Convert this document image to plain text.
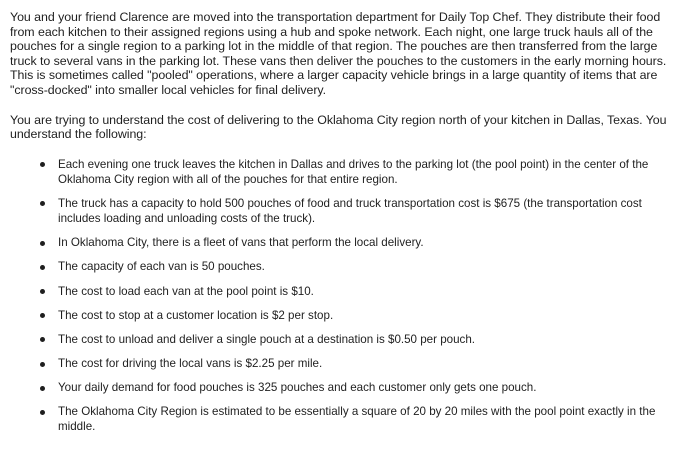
You and your friend Clarence are moved into the transportation department for Daily Top Chef. They distribute their food from each kitchen to their assigned regions using a hub and spoke network. Each night, one large truck hauls all of the pouches for a single region to a parking lot in the middle of that region. The pouches are then transferred from the large truck to several vans in the parking lot. These vans then deliver the pouches to the customers in the early morning hours. This is sometimes called "pooled" operations, where a larger capacity vehicle brings in a large quantity of items that are "cross-docked" into smaller local vehicles for final delivery.

You are trying to understand the cost of delivering to the Oklahoma City region north of your kitchen in Dallas, Texas. You understand the following:

Each evening one truck leaves the kitchen in Dallas and drives to the parking lot (the pool point) in the center of the Oklahoma City region with all of the pouches for that entire region.
The truck has a capacity to hold 500 pouches of food and truck transportation cost is $675 (the transportation cost includes loading and unloading costs of the truck).
In Oklahoma City, there is a fleet of vans that perform the local delivery.
The capacity of each van is 50 pouches.
The cost to load each van at the pool point is $10.
The cost to stop at a customer location is $2 per stop.
The cost to unload and deliver a single pouch at a destination is $0.50 per pouch.
The cost for driving the local vans is $2.25 per mile.
Your daily demand for food pouches is 325 pouches and each customer only gets one pouch.
The Oklahoma City Region is estimated to be essentially a square of 20 by 20 miles with the pool point exactly in the middle.
